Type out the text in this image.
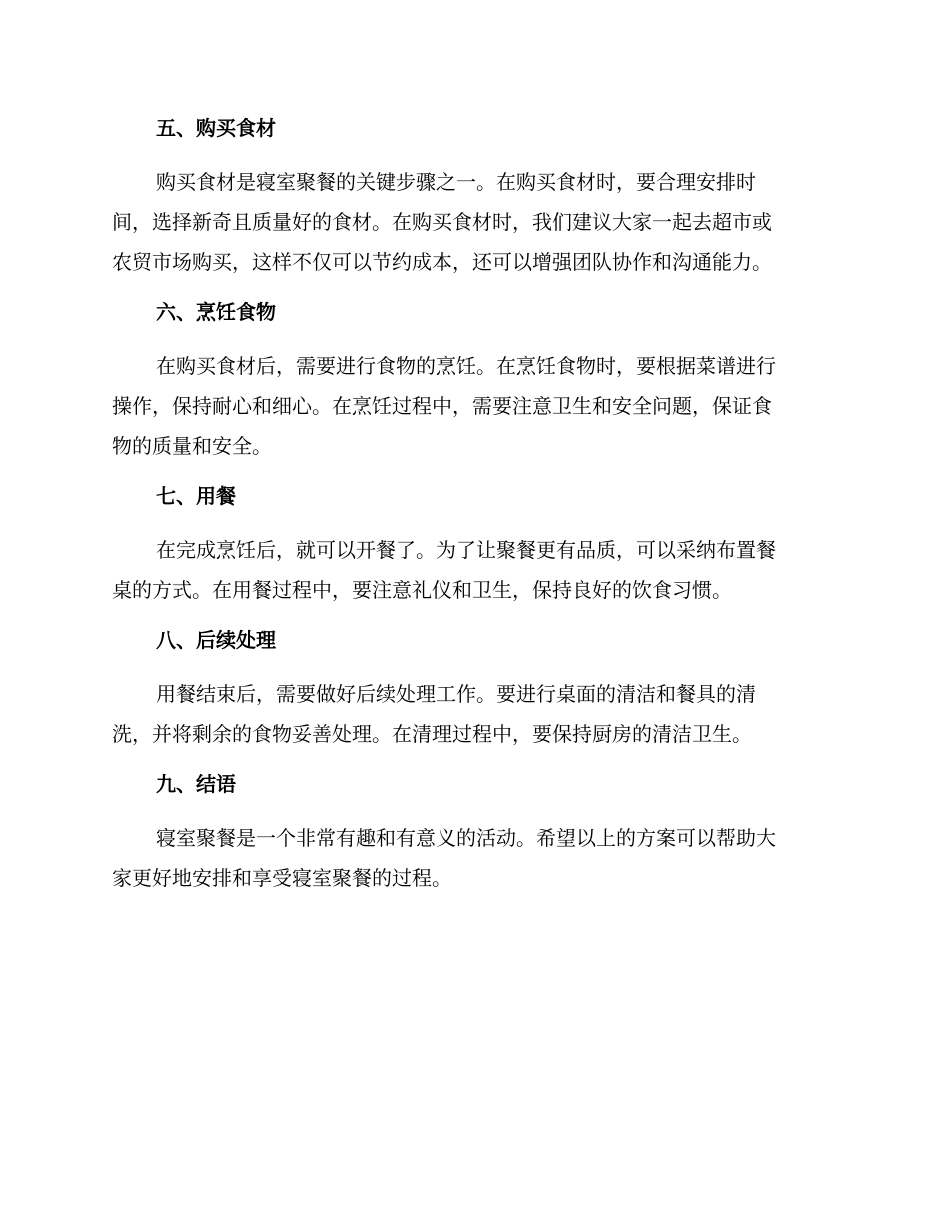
五、购买食材

购买食材是寝室聚餐的关键步骤之一。在购买食材时，要合理安排时
间，选择新奇且质量好的食材。在购买食材时，我们建议大家一起去超市或
农贸市场购买，这样不仅可以节约成本，还可以增强团队协作和沟通能力。

六、烹饪食物

在购买食材后，需要进行食物的烹饪。在烹饪食物时，要根据菜谱进行
操作，保持耐心和细心。在烹饪过程中，需要注意卫生和安全问题，保证食
物的质量和安全。

七、用餐

在完成烹饪后，就可以开餐了。为了让聚餐更有品质，可以采纳布置餐
桌的方式。在用餐过程中，要注意礼仪和卫生，保持良好的饮食习惯。

八、后续处理

用餐结束后，需要做好后续处理工作。要进行桌面的清洁和餐具的清
洗，并将剩余的食物妥善处理。在清理过程中，要保持厨房的清洁卫生。

九、结语

寝室聚餐是一个非常有趣和有意义的活动。希望以上的方案可以帮助大
家更好地安排和享受寝室聚餐的过程。
